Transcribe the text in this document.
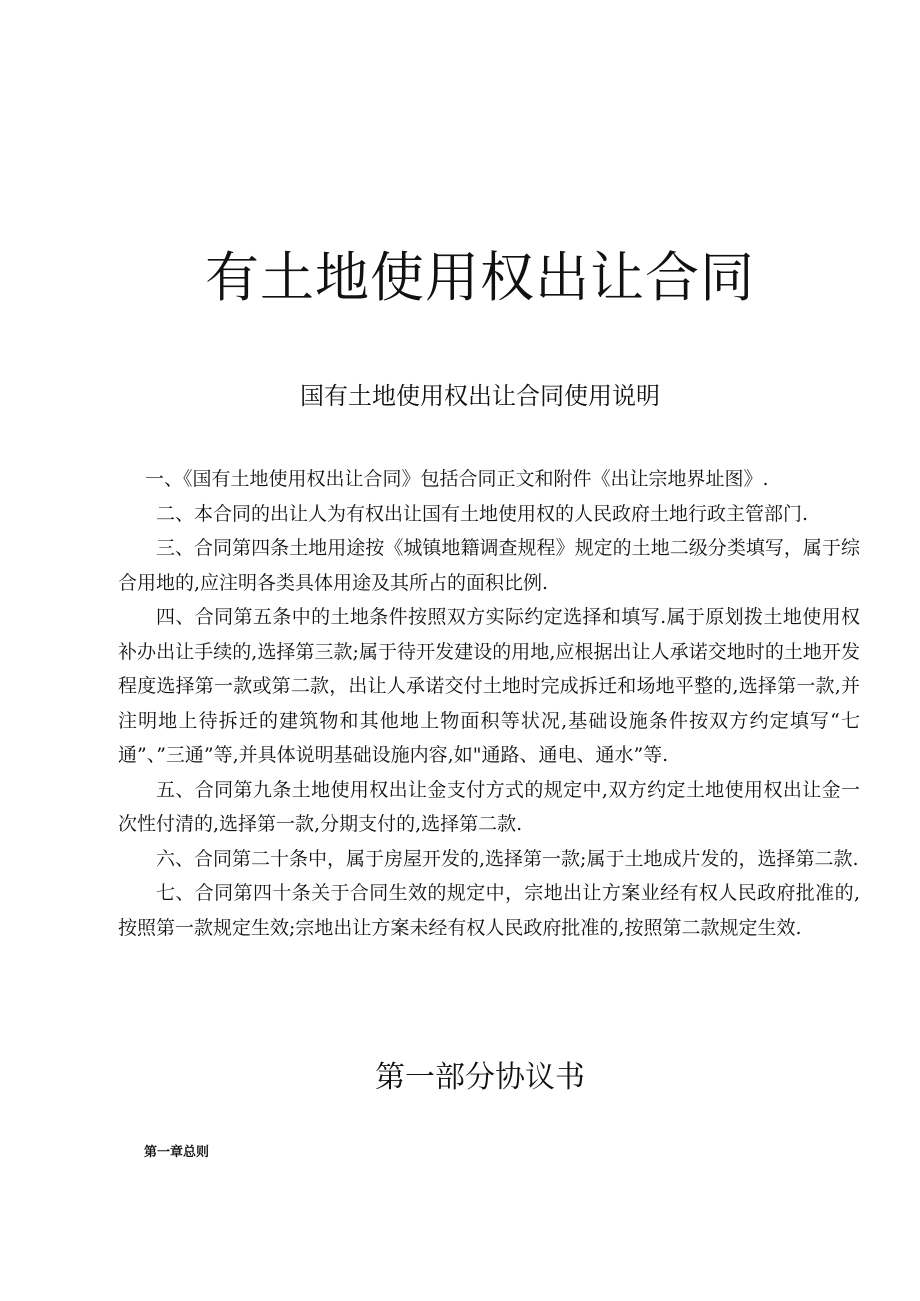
有土地使用权出让合同
国有土地使用权出让合同使用说明

一、《国有土地使用权出让合同》包括合同正文和附件《出让宗地界址图》.

二、本合同的出让人为有权出让国有土地使用权的人民政府土地行政主管部门.

三、合同第四条土地用途按《城镇地籍调查规程》规定的土地二级分类填写，属于综合用地的,应注明各类具体用途及其所占的面积比例.

四、合同第五条中的土地条件按照双方实际约定选择和填写.属于原划拨土地使用权补办出让手续的,选择第三款;属于待开发建设的用地,应根据出让人承诺交地时的土地开发程度选择第一款或第二款，出让人承诺交付土地时完成拆迁和场地平整的,选择第一款,并注明地上待拆迁的建筑物和其他地上物面积等状况,基础设施条件按双方约定填写“七通”、”三通”等,并具体说明基础设施内容,如"通路、通电、通水”等.

五、合同第九条土地使用权出让金支付方式的规定中,双方约定土地使用权出让金一次性付清的,选择第一款,分期支付的,选择第二款.

六、合同第二十条中，属于房屋开发的,选择第一款;属于土地成片发的，选择第二款.

七、合同第四十条关于合同生效的规定中，宗地出让方案业经有权人民政府批准的,按照第一款规定生效;宗地出让方案未经有权人民政府批准的,按照第二款规定生效.

第一部分协议书

第一章总则
